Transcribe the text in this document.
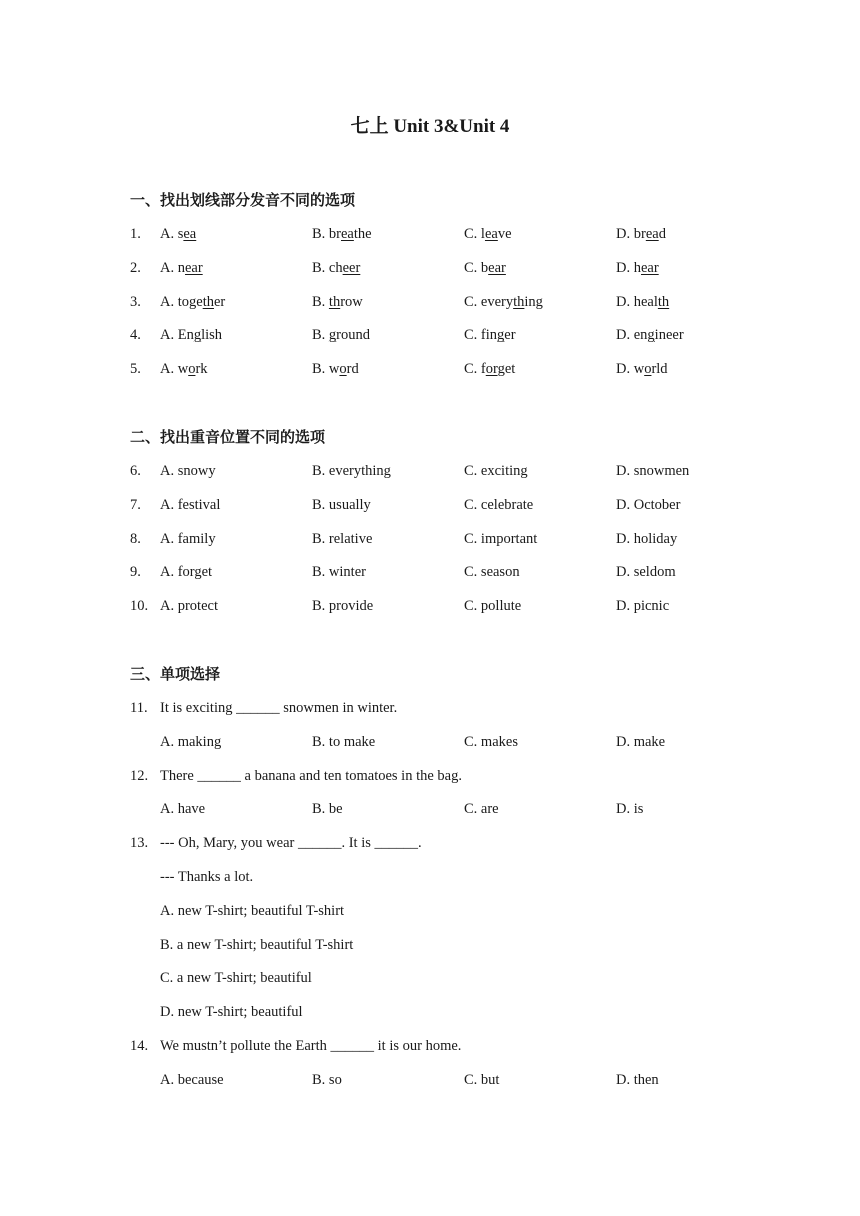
七上 Unit 3&Unit 4
一、找出划线部分发音不同的选项
1. A. sea	B. breathe	C. leave	D. bread
2. A. near	B. cheer	C. bear	D. hear
3. A. together	B. throw	C. everything	D. health
4. A. English	B. ground	C. finger	D. engineer
5. A. work	B. word	C. forget	D. world
二、找出重音位置不同的选项
6. A. snowy	B. everything	C. exciting	D. snowmen
7. A. festival	B. usually	C. celebrate	D. October
8. A. family	B. relative	C. important	D. holiday
9. A. forget	B. winter	C. season	D. seldom
10. A. protect	B. provide	C. pollute	D. picnic
三、单项选择
11. It is exciting ______ snowmen in winter.
A. making	B. to make	C. makes	D. make
12. There ______ a banana and ten tomatoes in the bag.
A. have	B. be	C. are	D. is
13. --- Oh, Mary, you wear ______. It is ______.
--- Thanks a lot.
A. new T-shirt; beautiful T-shirt
B. a new T-shirt; beautiful T-shirt
C. a new T-shirt; beautiful
D. new T-shirt; beautiful
14. We mustn’t pollute the Earth ______ it is our home.
A. because	B. so	C. but	D. then
